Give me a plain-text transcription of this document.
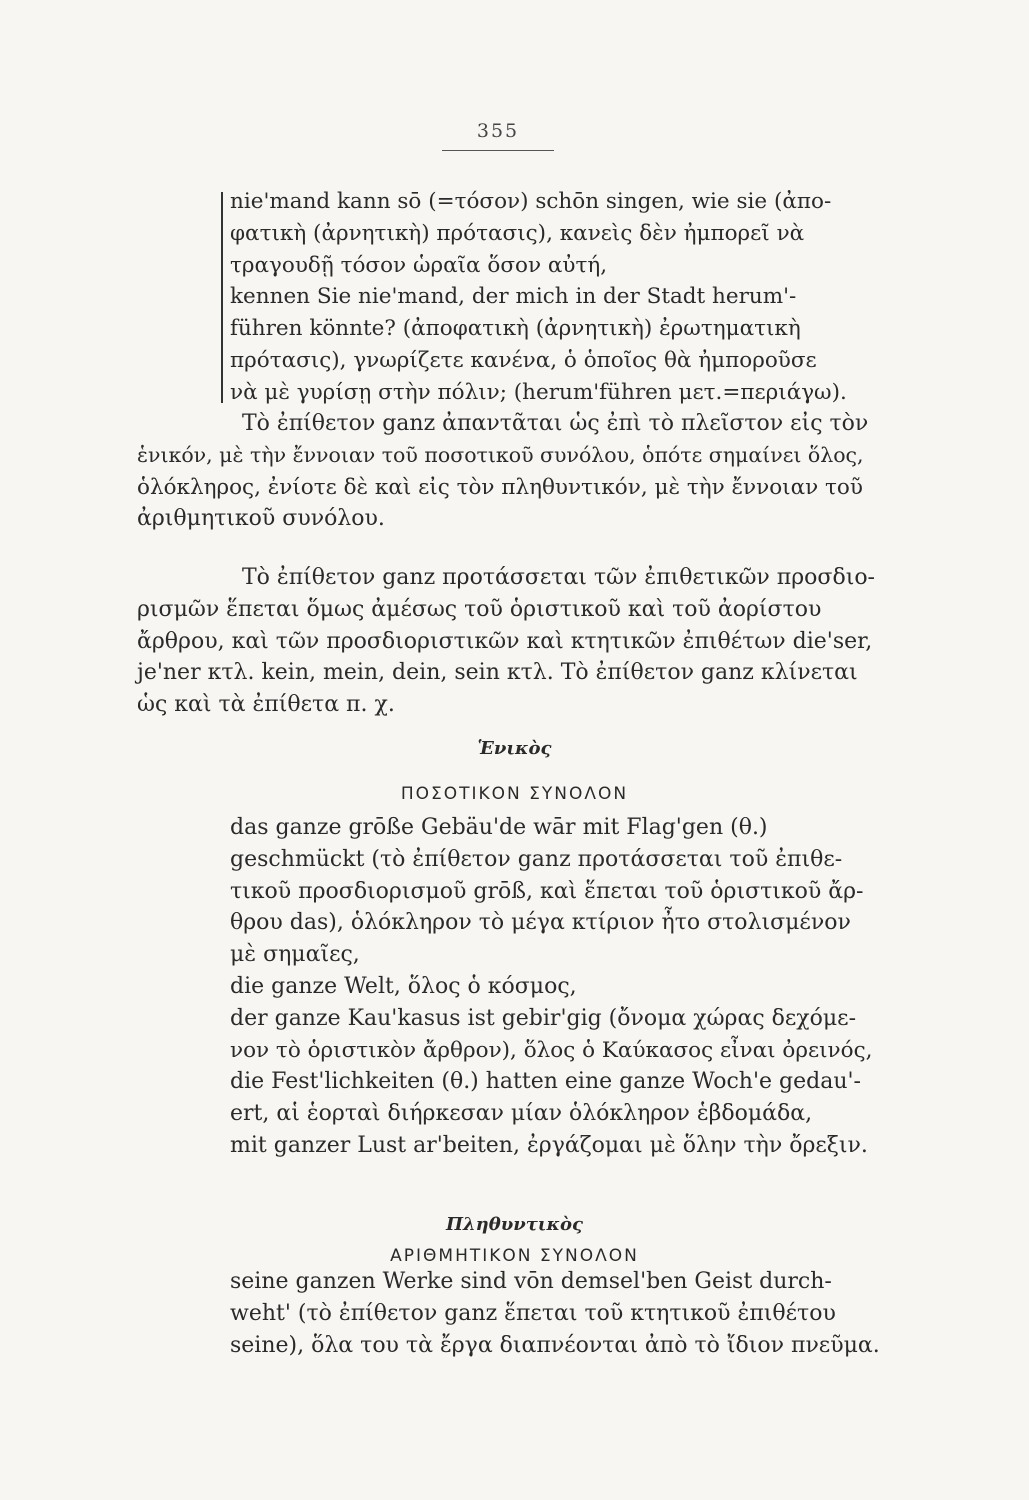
355
nie'mand kann sō (=τόσον) schōn singen, wie sie (ἀπο-
φατικὴ (ἀρνητικὴ) πρότασις), κανεὶς δὲν ἠμπορεῖ νὰ
τραγουδῇ τόσον ὡραῖα ὅσον αὐτή,
kennen Sie nie'mand, der mich in der Stadt herum'-
führen könnte? (ἀποφατικὴ (ἀρνητικὴ) ἐρωτηματικὴ
πρότασις), γνωρίζετε κανένα, ὁ ὁποῖος θὰ ἠμποροῦσε
νὰ μὲ γυρίσῃ στὴν πόλιν; (herum'führen μετ.=περιάγω).
Τὸ ἐπίθετον ganz ἀπαντᾶται ὡς ἐπὶ τὸ πλεῖστον εἰς τὸν
ἑνικόν, μὲ τὴν ἔννοιαν τοῦ ποσοτικοῦ συνόλου, ὁπότε σημαίνει ὅλος,
ὁλόκληρος, ἐνίοτε δὲ καὶ εἰς τὸν πληθυντικόν, μὲ τὴν ἔννοιαν τοῦ
ἀριθμητικοῦ συνόλου.
Τὸ ἐπίθετον ganz προτάσσεται τῶν ἐπιθετικῶν προσδιο-
ρισμῶν ἕπεται ὅμως ἀμέσως τοῦ ὁριστικοῦ καὶ τοῦ ἀορίστου
ἄρθρου, καὶ τῶν προσδιοριστικῶν καὶ κτητικῶν ἐπιθέτων die'ser,
je'ner κτλ. kein, mein, dein, sein κτλ. Τὸ ἐπίθετον ganz κλίνεται
ὡς καὶ τὰ ἐπίθετα π. χ.
Ἑνικὸς
ΠΟΣΟΤΙΚΟΝ ΣΥΝΟΛΟΝ
das ganze grōße Gebäu'de wār mit Flag'gen (θ.)
geschmückt (τὸ ἐπίθετον ganz προτάσσεται τοῦ ἐπιθε-
τικοῦ προσδιορισμοῦ grōß, καὶ ἕπεται τοῦ ὁριστικοῦ ἄρ-
θρου das), ὁλόκληρον τὸ μέγα κτίριον ἦτο στολισμένον
μὲ σημαῖες,
die ganze Welt, ὅλος ὁ κόσμος,
der ganze Kau'kasus ist gebir'gig (ὄνομα χώρας δεχόμε-
νον τὸ ὁριστικὸν ἄρθρον), ὅλος ὁ Καύκασος εἶναι ὀρεινός,
die Fest'lichkeiten (θ.) hatten eine ganze Woch'e gedau'-
ert, αἱ ἑορταὶ διήρκεσαν μίαν ὁλόκληρον ἑβδομάδα,
mit ganzer Lust ar'beiten, ἐργάζομαι μὲ ὅλην τὴν ὄρεξιν.
Πληθυντικὸς
ΑΡΙΘΜΗΤΙΚΟΝ ΣΥΝΟΛΟΝ
seine ganzen Werke sind vōn demsel'ben Geist durch-
weht' (τὸ ἐπίθετον ganz ἕπεται τοῦ κτητικοῦ ἐπιθέτου
seine), ὅλα του τὰ ἔργα διαπνέονται ἀπὸ τὸ ἴδιον πνεῦμα.
